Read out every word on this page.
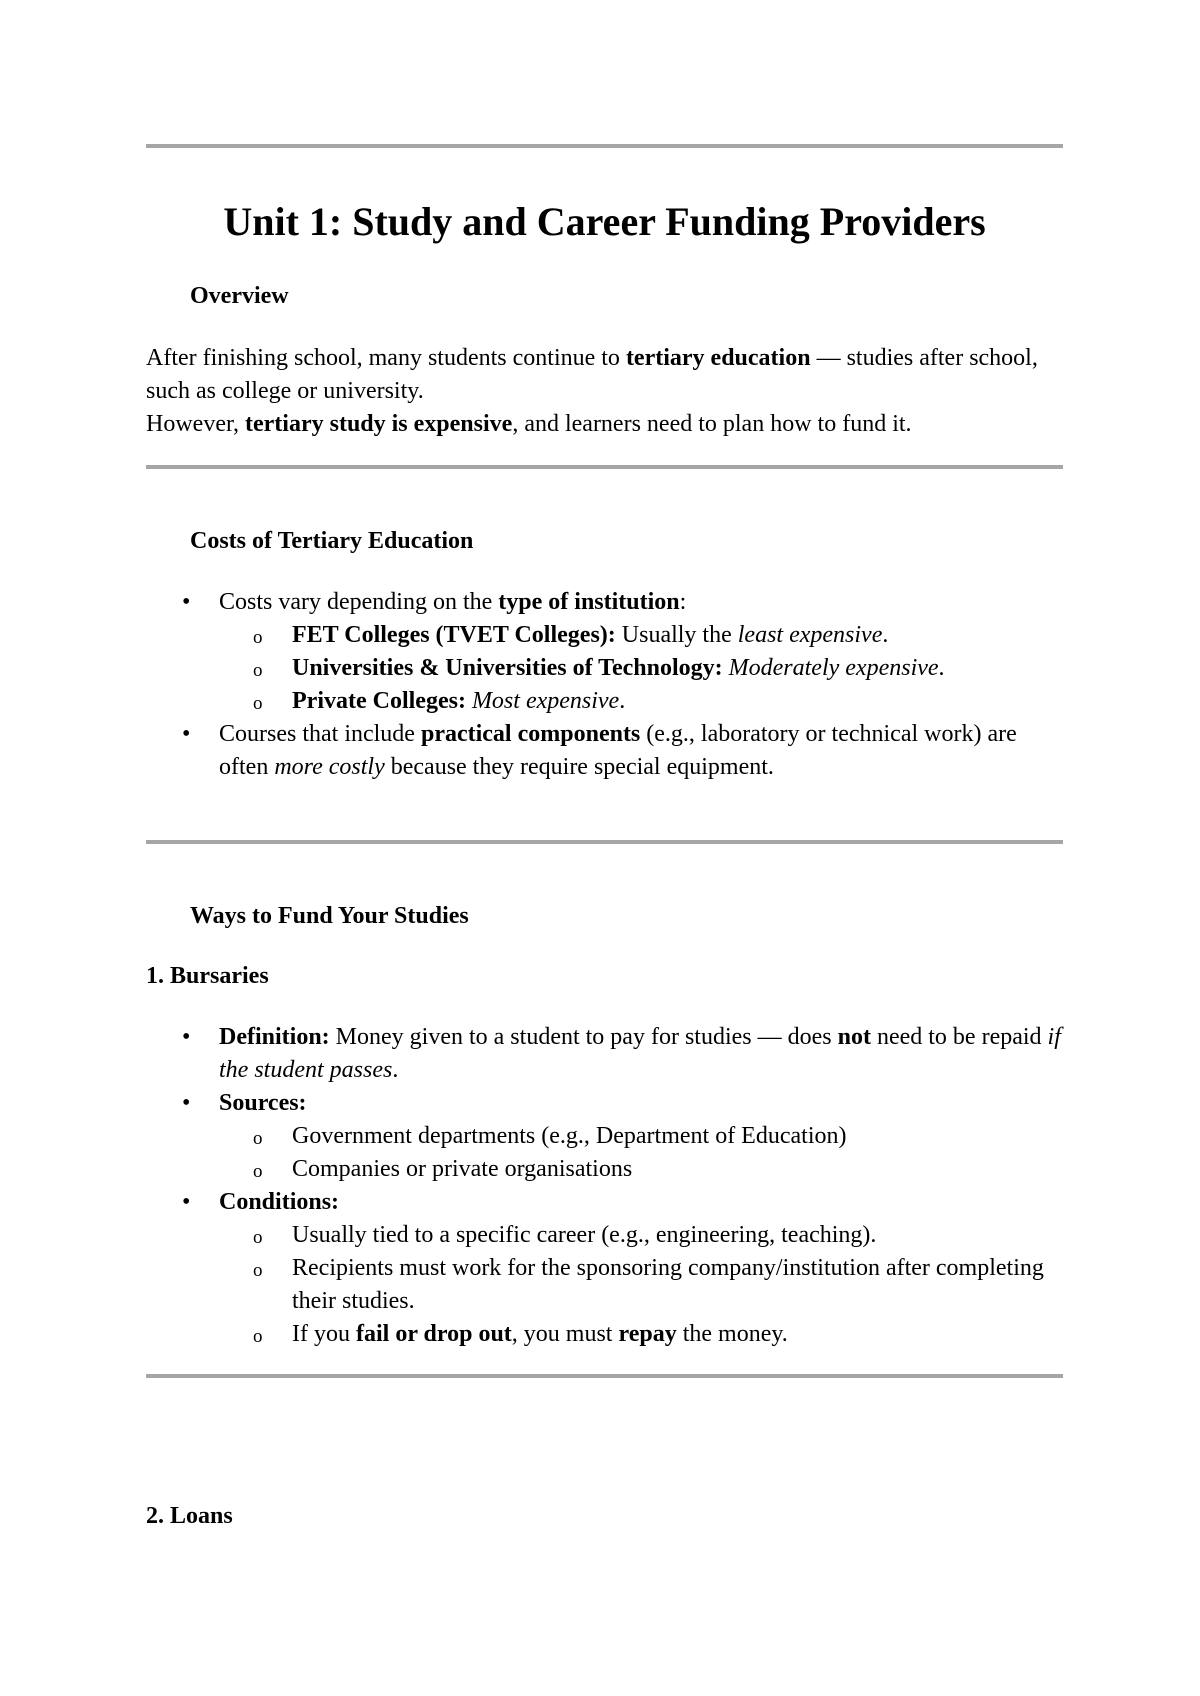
Unit 1: Study and Career Funding Providers
Overview
After finishing school, many students continue to tertiary education — studies after school, such as college or university.
However, tertiary study is expensive, and learners need to plan how to fund it.
Costs of Tertiary Education
• Costs vary depending on the type of institution:
o FET Colleges (TVET Colleges): Usually the least expensive.
o Universities & Universities of Technology: Moderately expensive.
o Private Colleges: Most expensive.
• Courses that include practical components (e.g., laboratory or technical work) are often more costly because they require special equipment.
Ways to Fund Your Studies
1. Bursaries
• Definition: Money given to a student to pay for studies — does not need to be repaid if the student passes.
• Sources:
o Government departments (e.g., Department of Education)
o Companies or private organisations
• Conditions:
o Usually tied to a specific career (e.g., engineering, teaching).
o Recipients must work for the sponsoring company/institution after completing their studies.
o If you fail or drop out, you must repay the money.
2. Loans
